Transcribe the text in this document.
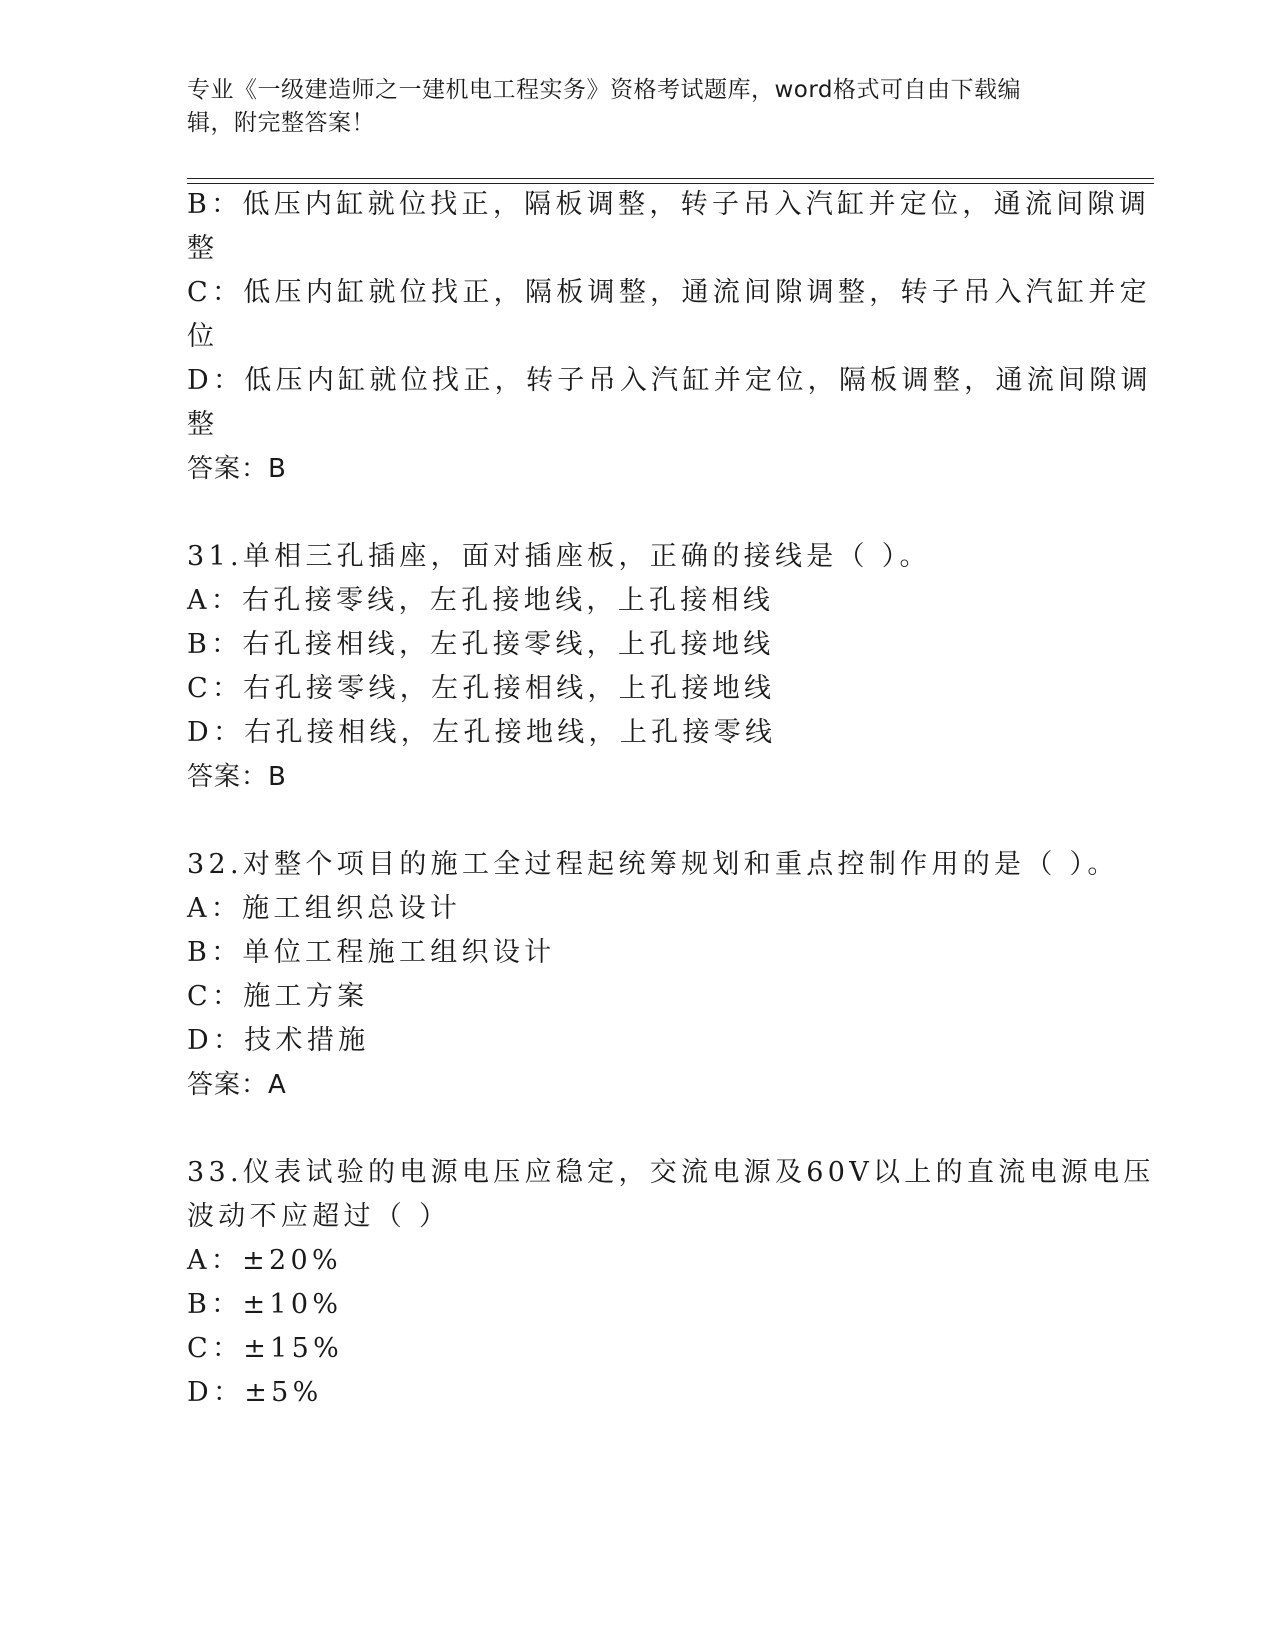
专业《一级建造师之一建机电工程实务》资格考试题库，word格式可自由下载编
辑，附完整答案！
B：低压内缸就位找正，隔板调整，转子吊入汽缸并定位，通流间隙调
整
C：低压内缸就位找正，隔板调整，通流间隙调整，转子吊入汽缸并定
位
D：低压内缸就位找正，转子吊入汽缸并定位，隔板调整，通流间隙调
整
答案：B
31.单相三孔插座，面对插座板，正确的接线是（ ）。
A：右孔接零线，左孔接地线，上孔接相线
B：右孔接相线，左孔接零线，上孔接地线
C：右孔接零线，左孔接相线，上孔接地线
D：右孔接相线，左孔接地线，上孔接零线
答案：B
32.对整个项目的施工全过程起统筹规划和重点控制作用的是（ ）。
A：施工组织总设计
B：单位工程施工组织设计
C：施工方案
D：技术措施
答案：A
33.仪表试验的电源电压应稳定，交流电源及60V以上的直流电源电压
波动不应超过（ ）
A：±20%
B：±10%
C：±15%
D：±5%
